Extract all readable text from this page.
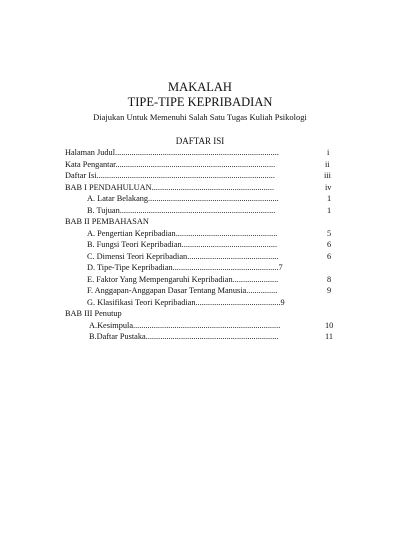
MAKALAH
TIPE-TIPE KEPRIBADIAN
Diajukan Untuk Memenuhi Salah Satu Tugas Kuliah Psikologi
DAFTAR ISI
Halaman Judul...............................................................................	i
Kata Pengantar.............................................................................	ii
Daftar Isi......................................................................................	iii
BAB I PENDAHULUAN...........................................................	iv
A. Latar Belakang...............................................................	1
B. Tujuan...........................................................................	1
BAB II PEMBAHASAN
A. Pengertian Kepribadian.................................................	5
B. Fungsi Teori Kepribadian..............................................	6
C. Dimensi Teori Kepribadian............................................	6
D. Tipe-Tipe Kepribadian...................................................7
E. Faktor Yang Mempengaruhi Kepribadian......................	8
F. Anggapan-Anggapan Dasar Tentang Manusia...............	9
G. Klasifikasi Teori Kepribadian.........................................9
BAB III Penutup
A.Kesimpula.......................................................................	10
B.Daftar Pustaka................................................................	11
